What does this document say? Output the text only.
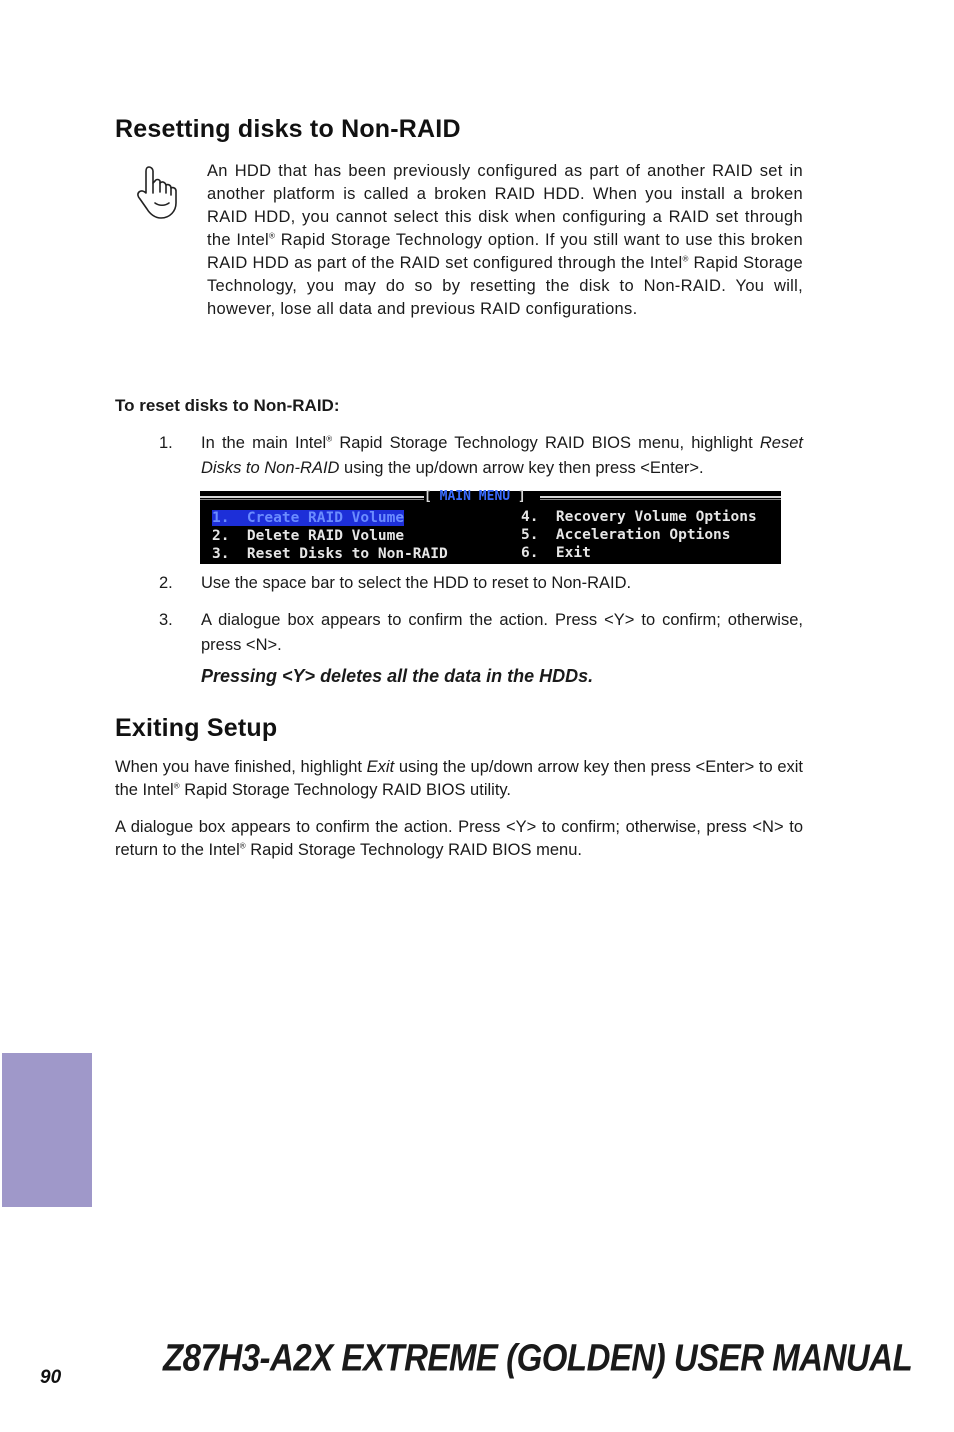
Resetting disks to Non-RAID
An HDD that has been previously configured as part of another RAID set in another platform is called a broken RAID HDD. When you install a broken RAID HDD, you cannot select this disk when configuring a RAID set through the Intel® Rapid Storage Technology option. If you still want to use this broken RAID HDD as part of the RAID set configured through the Intel® Rapid Storage Technology, you may do so by resetting the disk to Non-RAID. You will, however, lose all data and previous RAID configurations.
To reset disks to Non-RAID:
1.	In the main Intel® Rapid Storage Technology RAID BIOS menu, highlight Reset Disks to Non-RAID using the up/down arrow key then press <Enter>.
[ MAIN MENU ]
1.  Create RAID Volume
2.  Delete RAID Volume
3.  Reset Disks to Non-RAID
4.  Recovery Volume Options
5.  Acceleration Options
6.  Exit
2.	Use the space bar to select the HDD to reset to Non-RAID.
3.	A dialogue box appears to confirm the action. Press <Y> to confirm; otherwise, press <N>.
Pressing <Y> deletes all the data in the HDDs.
Exiting Setup
When you have finished, highlight Exit using the up/down arrow key then press <Enter> to exit the Intel® Rapid Storage Technology RAID BIOS utility.
A dialogue box appears to confirm the action. Press <Y> to confirm; otherwise, press <N> to return to the Intel® Rapid Storage Technology RAID BIOS menu.
90	Z87H3-A2X EXTREME (GOLDEN) USER MANUAL
